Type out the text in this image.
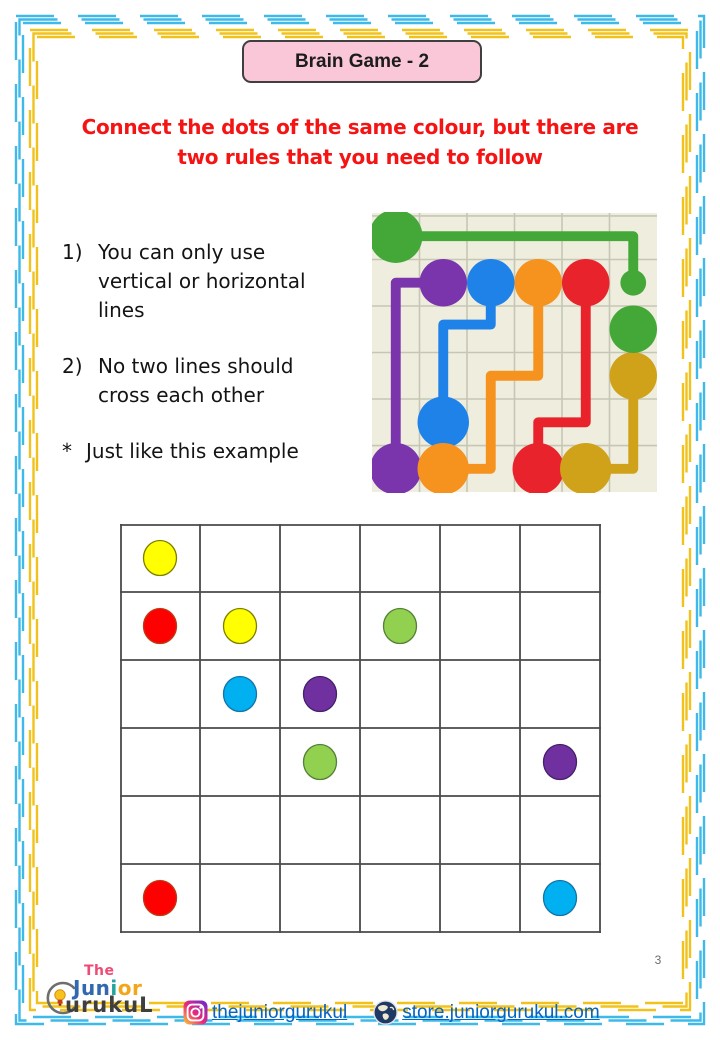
Brain Game - 2
Connect the dots of the same colour, but there are
two rules that you need to follow
1) You can only use
vertical or horizontal
lines
2) No two lines should
cross each other
* Just like this example
3
The
Junior
urukuL	thejuniorgurukul	store.juniorgurukul.com
